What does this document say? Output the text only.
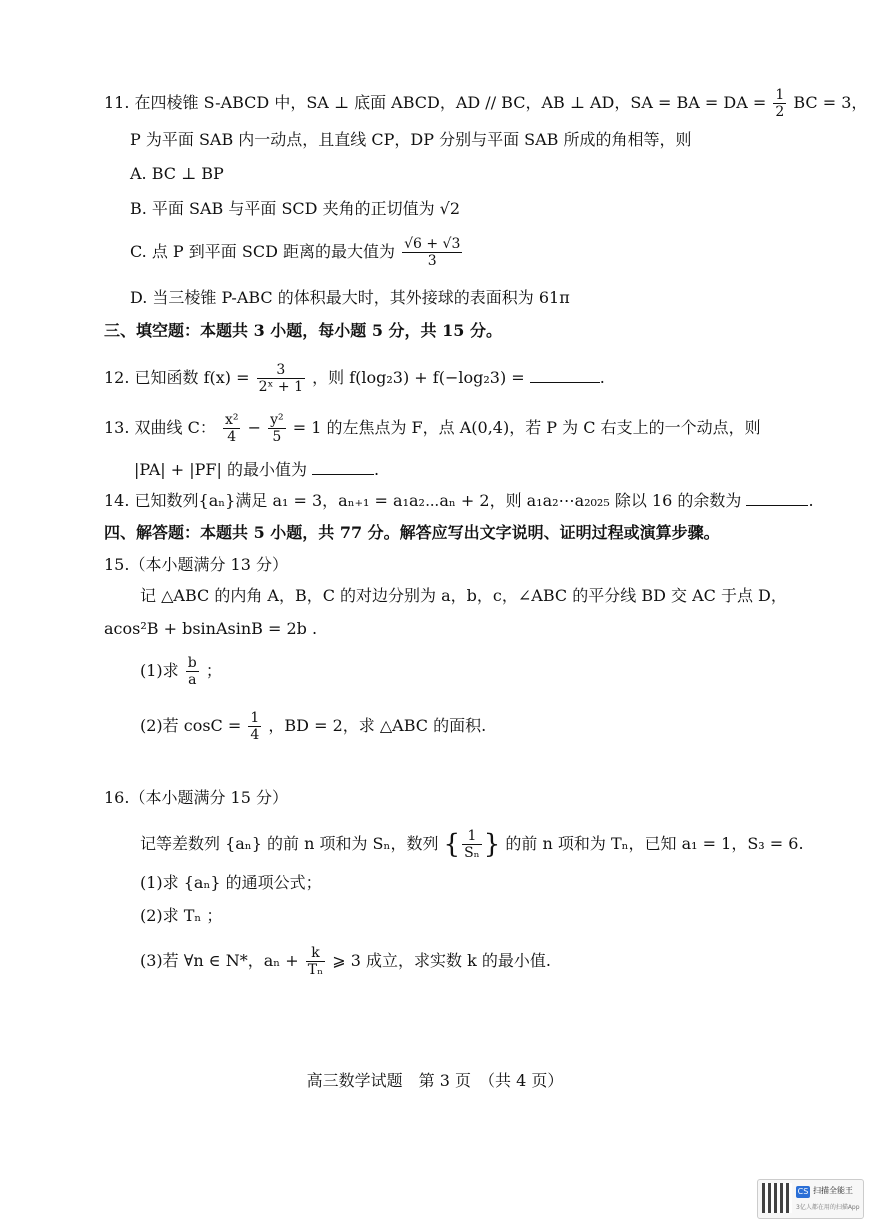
11. 在四棱锥 S-ABCD 中，SA ⊥ 底面 ABCD，AD // BC，AB ⊥ AD，SA = BA = DA = $\frac{1}{2}$ BC = 3，
P 为平面 SAB 内一动点，且直线 CP，DP 分别与平面 SAB 所成的角相等，则
A. BC ⊥ BP
B. 平面 SAB 与平面 SCD 夹角的正切值为 √2
C. 点 P 到平面 SCD 距离的最大值为 $\frac{√6 + √3}{3}$
D. 当三棱锥 P-ABC 的体积最大时，其外接球的表面积为 61π
三、填空题：本题共 3 小题，每小题 5 分，共 15 分。
12. 已知函数 $f(x) = \frac{3}{\text{2ˣ + 1}}$ ，则 f(log₂3) + f(−log₂3) =	.
13. 双曲线 C： $\frac{\text{x²}}{4} - \frac{\text{y²}}{5} = 1$ 的左焦点为 F，点 A(0,4)，若 P 为 C 右支上的一个动点，则
|PA| + |PF| 的最小值为	.
14. 已知数列{aₙ}满足 a₁ = 3，aₙ₊₁ = a₁a₂⋯aₙ + 2，则 a₁a₂⋯a₂₀₂₅ 除以 16 的余数为	.
四、解答题：本题共 5 小题，共 77 分。解答应写出文字说明、证明过程或演算步骤。
15.（本小题满分 13 分）
记 △ABC 的内角 A，B，C 的对边分别为 a，b，c，∠ABC 的平分线 BD 交 AC 于点 D，
acos²B + bsinAsinB = 2b .
(1)求 $\frac{b}{a}$ ；
(2)若 $\cos C = \frac{1}{4}$ ，BD = 2，求 △ABC 的面积.
16.（本小题满分 15 分）
记等差数列 {aₙ} 的前 n 项和为 Sₙ，数列 { $\frac{1}{\text{Sₙ}}$ } 的前 n 项和为 Tₙ，已知 a₁ = 1，S₃ = 6.
(1)求 {aₙ} 的通项公式；
(2)求 Tₙ ；
(3)若 ∀n ∈ N*，$a_n + \frac{k}{\text{Tₙ}}$ ⩾ 3 成立，求实数 k 的最小值.
高三数学试题　第 3 页　（共 4 页）
CS 扫描全能王
3亿人都在用的扫描App
